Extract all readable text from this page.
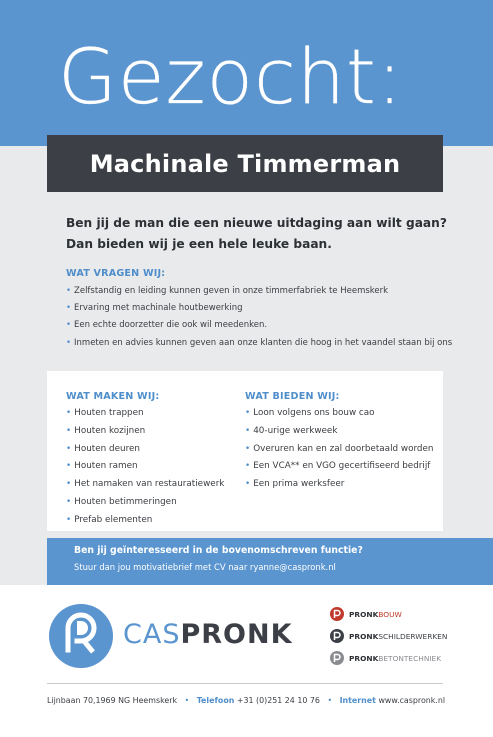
Gezocht:
Machinale Timmerman
Ben jij de man die een nieuwe uitdaging aan wilt gaan?
Dan bieden wij je een hele leuke baan.
WAT VRAGEN WIJ:
• Zelfstandig en leiding kunnen geven in onze timmerfabriek te Heemskerk
• Ervaring met machinale houtbewerking
• Een echte doorzetter die ook wil meedenken.
• Inmeten en advies kunnen geven aan onze klanten die hoog in het vaandel staan bij ons
WAT MAKEN WIJ:
• Houten trappen
• Houten kozijnen
• Houten deuren
• Houten ramen
• Het namaken van restauratiewerk
• Houten betimmeringen
• Prefab elementen
WAT BIEDEN WIJ:
• Loon volgens ons bouw cao
• 40-urige werkweek
• Overuren kan en zal doorbetaald worden
• Een VCA** en VGO gecertifiseerd bedrijf
• Een prima werksfeer
Ben jij geïnteresseerd in de bovenomschreven functie?
Stuur dan jou motivatiebrief met CV naar ryanne@caspronk.nl
CASPRONK
PRONK BOUW
PRONK SCHILDERWERKEN
PRONK BETONTECHNIEK
Lijnbaan 70,1969 NG Heemskerk • Telefoon +31 (0)251 24 10 76 • Internet www.caspronk.nl
